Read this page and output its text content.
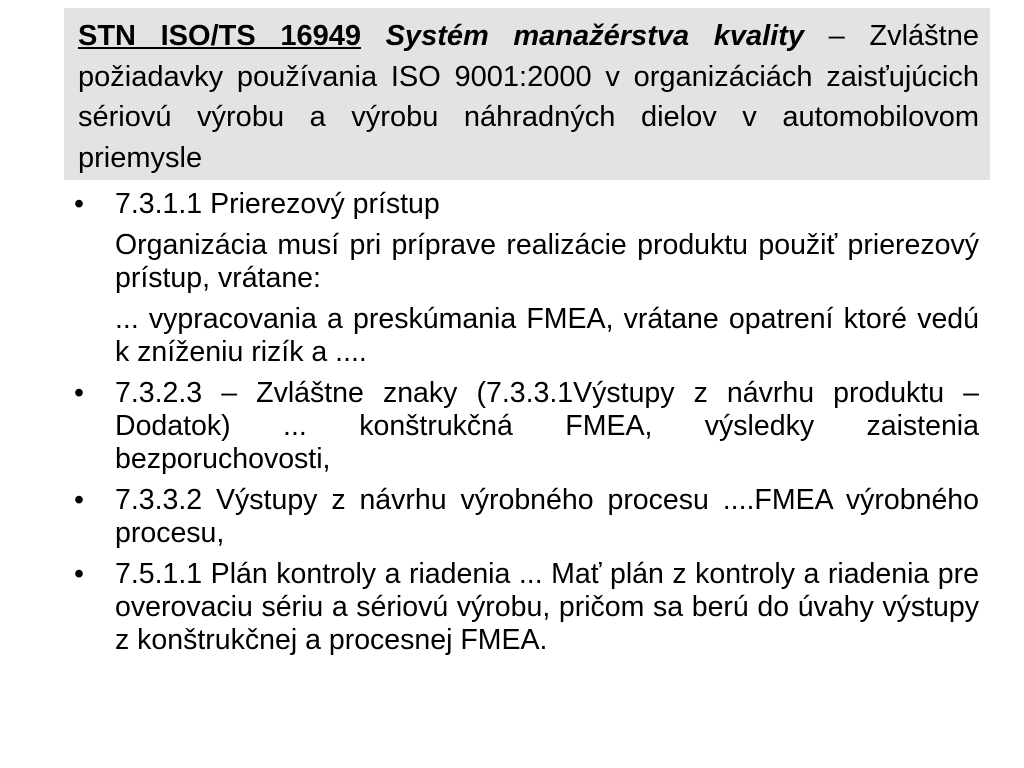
STN ISO/TS 16949 Systém manažérstva kvality – Zvláštne požiadavky používania ISO 9001:2000 v organizáciách zaisťujúcich sériovú výrobu a výrobu náhradných dielov v automobilovom priemysle
• 7.3.1.1 Prierezový prístup
Organizácia musí pri príprave realizácie produktu použiť prierezový prístup, vrátane:
... vypracovania a preskúmania FMEA, vrátane opatrení ktoré vedú k zníženiu rizík a ....
• 7.3.2.3 – Zvláštne znaky (7.3.3.1Výstupy z návrhu produktu – Dodatok) ... konštrukčná FMEA, výsledky zaistenia bezporuchovosti,
• 7.3.3.2 Výstupy z návrhu výrobného procesu ....FMEA výrobného procesu,
• 7.5.1.1 Plán kontroly a riadenia ... Mať plán z kontroly a riadenia pre overovaciu sériu a sériovú výrobu, pričom sa berú do úvahy výstupy z konštrukčnej a procesnej FMEA.
